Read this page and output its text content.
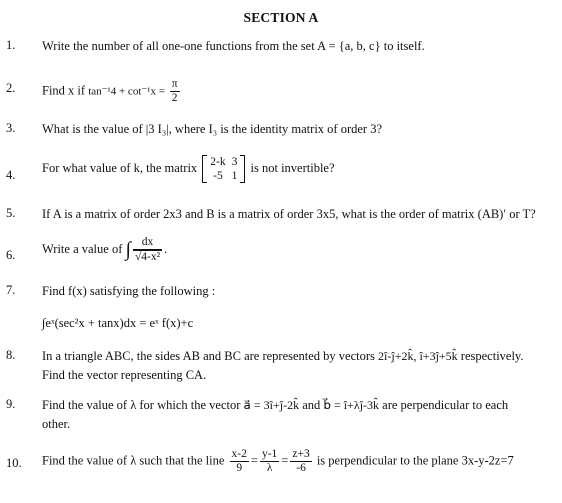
SECTION A
1. Write the number of all one-one functions from the set A = {a, b, c} to itself.
2. Find x if $\tan^{-1}4 + \cot^{-1}x = \frac{\pi}{2}$
3. What is the value of |3 I₃|, where I₃ is the identity matrix of order 3?
4.
For what value of k, the matrix 2-k	3
-5	1
is not invertible?
5. If A is a matrix of order 2x3 and B is a matrix of order 3x5, what is the order of matrix (AB)′ or T?
6. Write a value of ∫ $\frac{dx}{\text{√4-x²}}$ .
7. Find f(x) satisfying the following :
∫eˣ(sec²x + tanx)dx = eˣ f(x)+c
8. In a triangle ABC, the sides AB and BC are represented by vectors 2î-ĵ+2k̂, î+3ĵ+5k̂ respectively.
Find the vector representing CA.
9. Find the value of λ for which the vector a⃗ = 3î+ĵ-2k̂ and b⃗ = î+λĵ-3k̂ are perpendicular to each
other.
10. Find the value of λ such that the line $\frac{x-2}{9} = \frac{y-1}{\lambda} = \frac{z+3}{-6}$ is perpendicular to the plane 3x-y-2z=7
